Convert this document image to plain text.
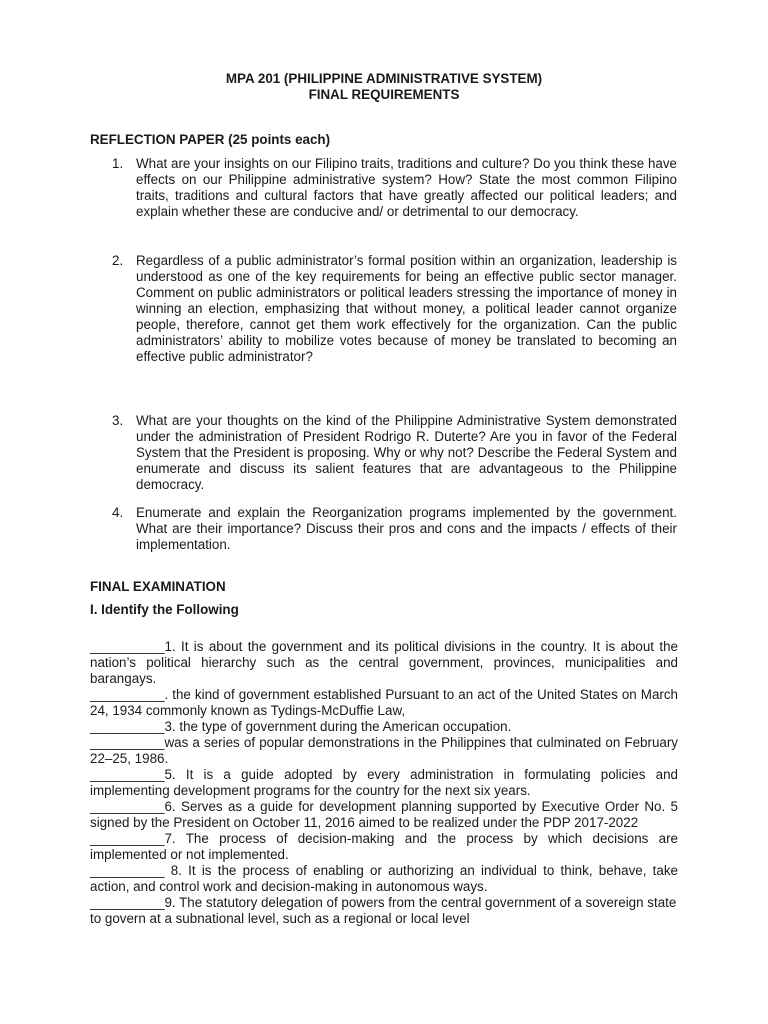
MPA 201 (PHILIPPINE ADMINISTRATIVE SYSTEM)
FINAL REQUIREMENTS
REFLECTION PAPER (25 points each)
1. What are your insights on our Filipino traits, traditions and culture? Do you think these have effects on our Philippine administrative system? How? State the most common Filipino traits, traditions and cultural factors that have greatly affected our political leaders; and explain whether these are conducive and/ or detrimental to our democracy.
2. Regardless of a public administrator’s formal position within an organization, leadership is understood as one of the key requirements for being an effective public sector manager. Comment on public administrators or political leaders stressing the importance of money in winning an election, emphasizing that without money, a political leader cannot organize people, therefore, cannot get them work effectively for the organization. Can the public administrators’ ability to mobilize votes because of money be translated to becoming an effective public administrator?
3. What are your thoughts on the kind of the Philippine Administrative System demonstrated under the administration of President Rodrigo R. Duterte? Are you in favor of the Federal System that the President is proposing. Why or why not? Describe the Federal System and enumerate and discuss its salient features that are advantageous to the Philippine democracy.
4. Enumerate and explain the Reorganization programs implemented by the government. What are their importance? Discuss their pros and cons and the impacts / effects of their implementation.
FINAL EXAMINATION
I. Identify the Following

__________1. It is about the government and its political divisions in the country. It is about the nation’s political hierarchy such as the central government, provinces, municipalities and barangays.

__________. the kind of government established Pursuant to an act of the United States on March 24, 1934 commonly known as Tydings-McDuffie Law,

__________3. the type of government during the American occupation.

__________was a series of popular demonstrations in the Philippines that culminated on February 22–25, 1986.

__________5. It is a guide adopted by every administration in formulating policies and implementing development programs for the country for the next six years.

__________6. Serves as a guide for development planning supported by Executive Order No. 5 signed by the President on October 11, 2016 aimed to be realized under the PDP 2017-2022

__________7. The process of decision-making and the process by which decisions are implemented or not implemented.

__________ 8. It is the process of enabling or authorizing an individual to think, behave, take action, and control work and decision-making in autonomous ways.

__________9. The statutory delegation of powers from the central government of a sovereign state to govern at a subnational level, such as a regional or local level
